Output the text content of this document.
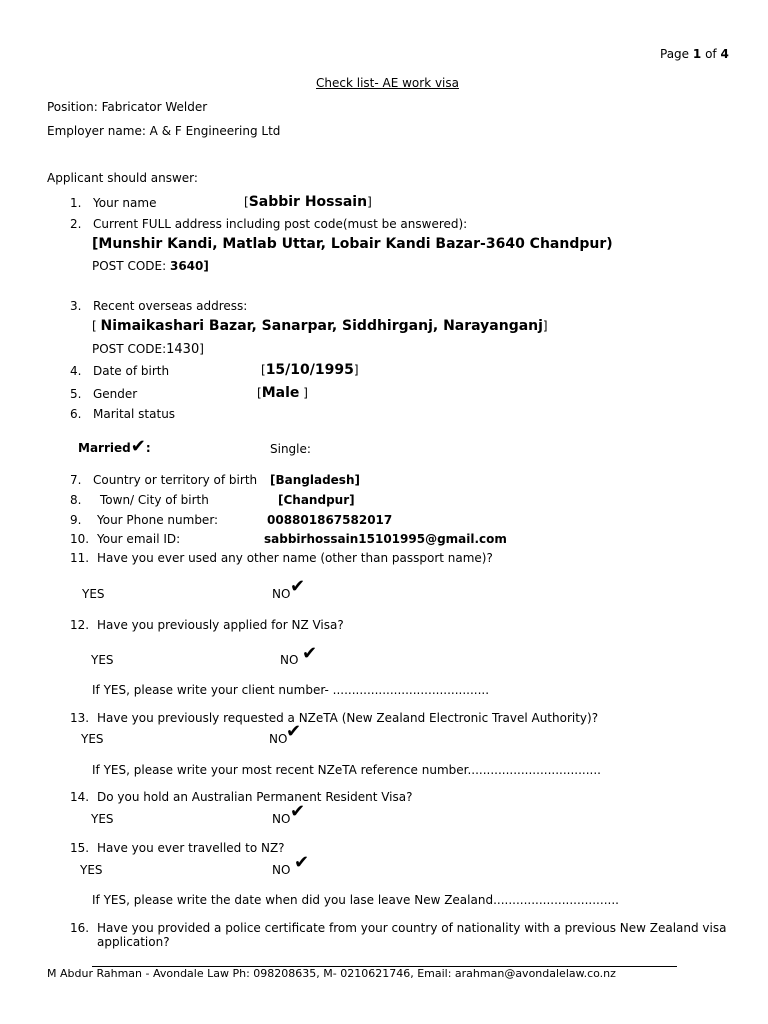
Page 1 of 4
Check list- AE work visa
Position: Fabricator Welder
Employer name: A & F Engineering Ltd
Applicant should answer:
1. Your name	[Sabbir Hossain]
2. Current FULL address including post code(must be answered):
[Munshir Kandi, Matlab Uttar, Lobair Kandi Bazar-3640 Chandpur)
POST CODE: 3640]
3. Recent overseas address:
[ Nimaikashari Bazar, Sanarpar, Siddhirganj, Narayanganj]
POST CODE:1430]
4. Date of birth	[15/10/1995]
5. Gender	[Male ]
6. Marital status
Married✔:	Single:
7. Country or territory of birth [Bangladesh]
8. Town/ City of birth	[Chandpur]
9. Your Phone number:	008801867582017
10. Your email ID:	sabbirhossain15101995@gmail.com
11. Have you ever used any other name (other than passport name)?
YES	NO ✔
12. Have you previously applied for NZ Visa?
YES	NO ✔
If YES, please write your client number- .........................................
13. Have you previously requested a NZeTA (New Zealand Electronic Travel Authority)?
YES	NO
✔
If YES, please write your most recent NZeTA reference number...................................
14. Do you hold an Australian Permanent Resident Visa?
YES	NO ✔
15. Have you ever travelled to NZ?
YES	NO ✔
If YES, please write the date when did you lase leave New Zealand.................................
16. Have you provided a police certificate from your country of nationality with a previous New Zealand visa
application?
M Abdur Rahman - Avondale Law Ph: 098208635, M- 0210621746, Email: arahman@avondalelaw.co.nz
